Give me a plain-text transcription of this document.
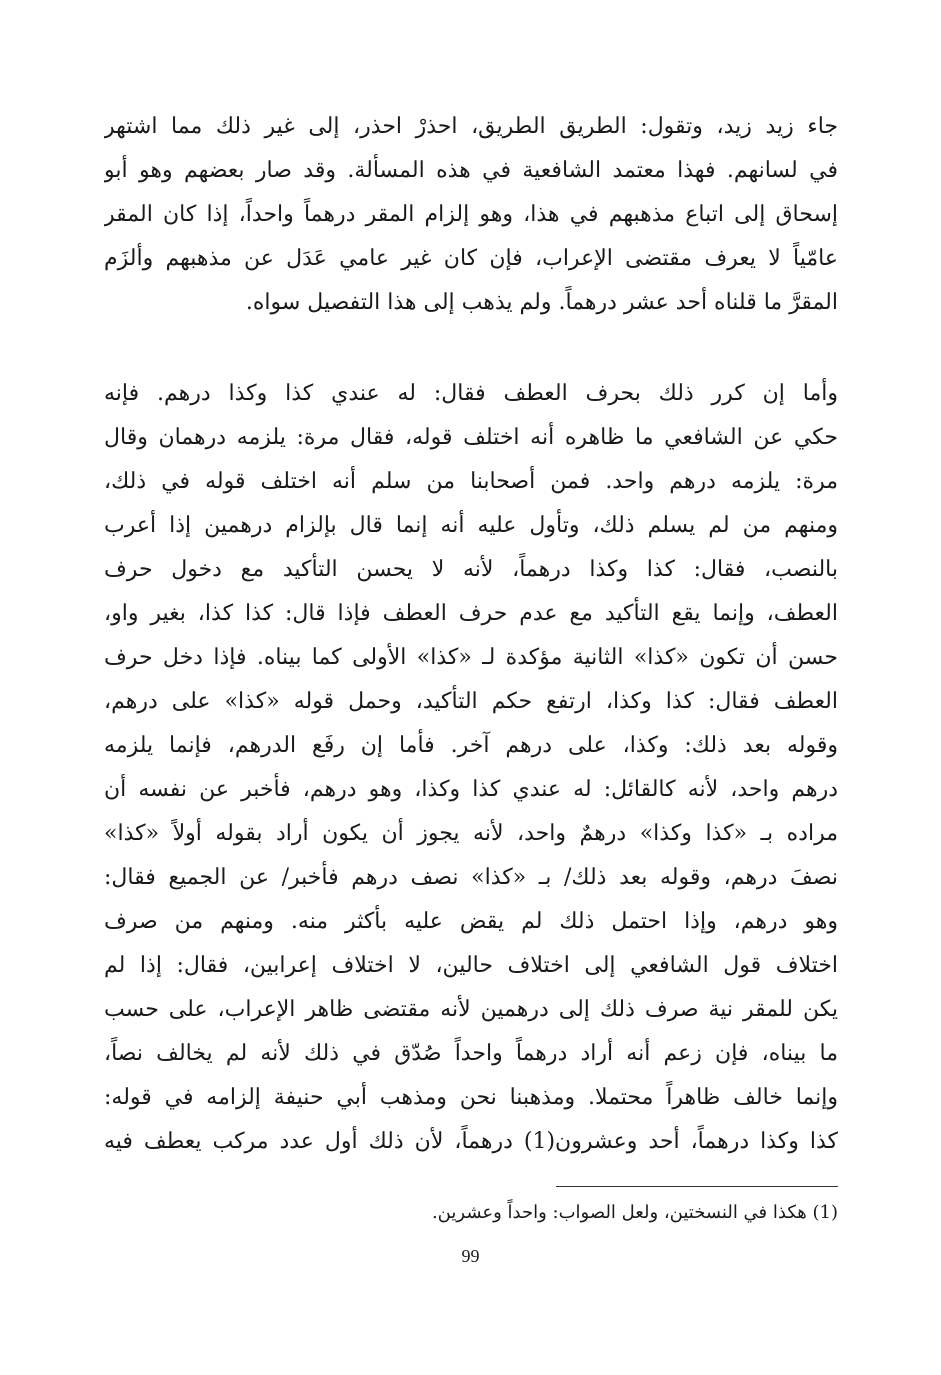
جاء زيد زيد، وتقول: الطريق الطريق، احذرْ احذر، إلى غير ذلك مما اشتهر
في لسانهم. فهذا معتمد الشافعية في هذه المسألة. وقد صار بعضهم وهو أبو
إسحاق إلى اتباع مذهبهم في هذا، وهو إلزام المقر درهماً واحداً، إذا كان المقر
عامّياً لا يعرف مقتضى الإعراب، فإن كان غير عامي عَدَل عن مذهبهم وألزَم
المقرَّ ما قلناه أحد عشر درهماً. ولم يذهب إلى هذا التفصيل سواه.

وأما إن كرر ذلك بحرف العطف فقال: له عندي كذا وكذا درهم. فإنه
حكي عن الشافعي ما ظاهره أنه اختلف قوله، فقال مرة: يلزمه درهمان وقال
مرة: يلزمه درهم واحد. فمن أصحابنا من سلم أنه اختلف قوله في ذلك،
ومنهم من لم يسلم ذلك، وتأول عليه أنه إنما قال بإلزام درهمين إذا أعرب
بالنصب، فقال: كذا وكذا درهماً، لأنه لا يحسن التأكيد مع دخول حرف
العطف، وإنما يقع التأكيد مع عدم حرف العطف فإذا قال: كذا كذا، بغير واو،
حسن أن تكون «كذا» الثانية مؤكدة لـ «كذا» الأولى كما بيناه. فإذا دخل حرف
العطف فقال: كذا وكذا، ارتفع حكم التأكيد، وحمل قوله «كذا» على درهم،
وقوله بعد ذلك: وكذا، على درهم آخر. فأما إن رفَع الدرهم، فإنما يلزمه
درهم واحد، لأنه كالقائل: له عندي كذا وكذا، وهو درهم، فأخبر عن نفسه أن
مراده بـ «كذا وكذا» درهمٌ واحد، لأنه يجوز أن يكون أراد بقوله أولاً «كذا»
نصفَ درهم، وقوله بعد ذلك/ بـ «كذا» نصف درهم فأخبر/ عن الجميع فقال:
وهو درهم، وإذا احتمل ذلك لم يقض عليه بأكثر منه. ومنهم من صرف
اختلاف قول الشافعي إلى اختلاف حالين، لا اختلاف إعرابين، فقال: إذا لم
يكن للمقر نية صرف ذلك إلى درهمين لأنه مقتضى ظاهر الإعراب، على حسب
ما بيناه، فإن زعم أنه أراد درهماً واحداً صُدّق في ذلك لأنه لم يخالف نصاً،
وإنما خالف ظاهراً محتملا. ومذهبنا نحن ومذهب أبي حنيفة إلزامه في قوله:
كذا وكذا درهماً، أحد وعشرون(1) درهماً، لأن ذلك أول عدد مركب يعطف فيه

(1) هكذا في النسختين، ولعل الصواب: واحداً وعشرين.
99
